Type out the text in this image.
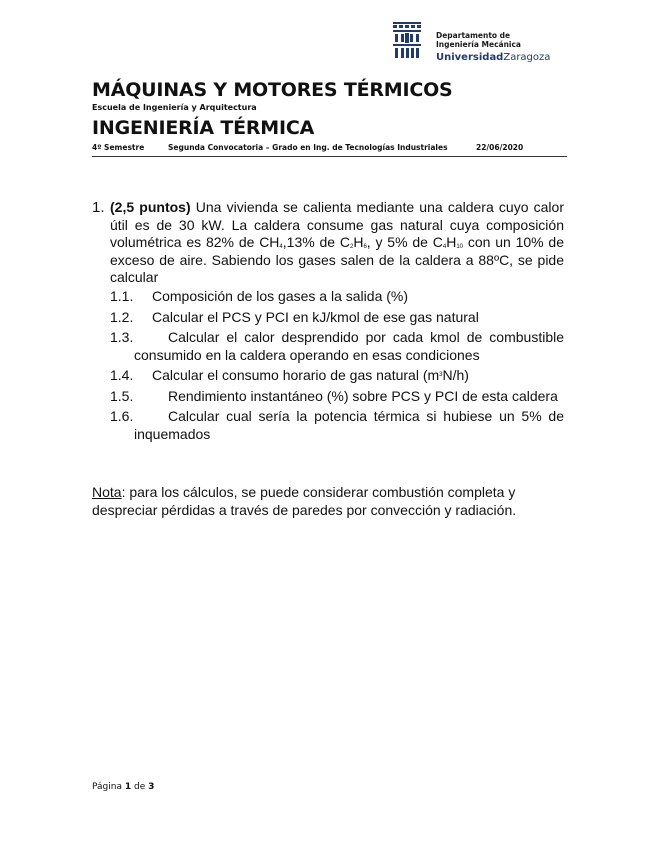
Departamento de
Ingeniería Mecánica
UniversidadZaragoza
MÁQUINAS Y MOTORES TÉRMICOS
Escuela de Ingeniería y Arquitectura
INGENIERÍA TÉRMICA
4º Semestre	Segunda Convocatoria – Grado en Ing. de Tecnologías Industriales	22/06/2020
1. (2,5 puntos) Una vivienda se calienta mediante una caldera cuyo calor útil es de 30 kW. La caldera consume gas natural cuya composición volumétrica es 82% de $CH_4,13\%$ de $C_2H_6$, y 5% de $C_4H_{10}$ con un 10% de exceso de aire. Sabiendo los gases salen de la caldera a 88ºC, se pide calcular
1.1. Composición de los gases a la salida (%)
1.2. Calcular el PCS y PCI en kJ/kmol de ese gas natural
1.3.	Calcular el calor desprendido por cada kmol de combustible consumido en la caldera operando en esas condiciones
1.4. Calcular el consumo horario de gas natural $(m^3N/h)$
1.5.	Rendimiento instantáneo (%) sobre PCS y PCI de esta caldera
1.6.	Calcular cual sería la potencia térmica si hubiese un 5% de inquemados
Nota: para los cálculos, se puede considerar combustión completa y despreciar pérdidas a través de paredes por convección y radiación.
Página 1 de 3
